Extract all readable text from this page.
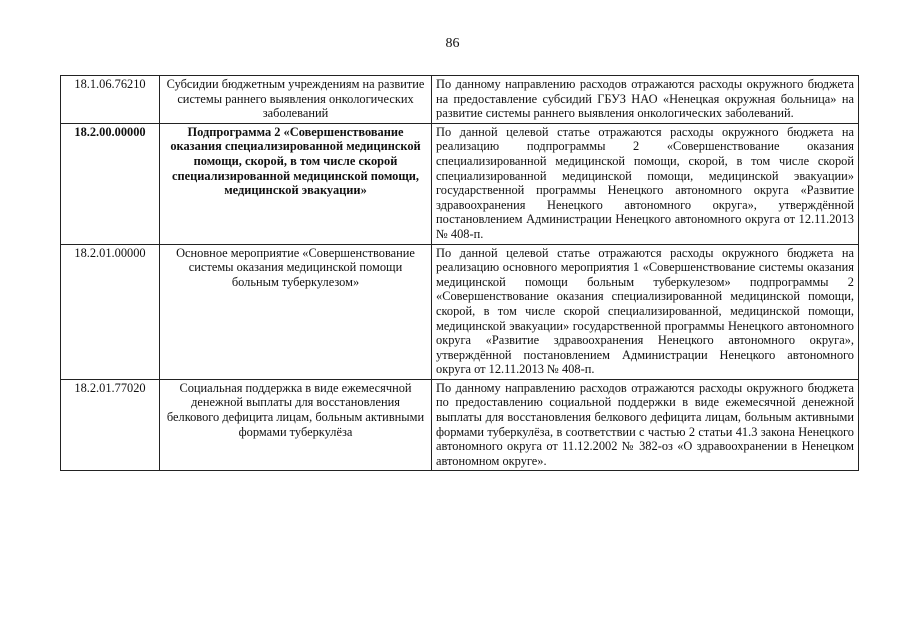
86
18.1.06.76210	Субсидии бюджетным учреждениям на развитие системы раннего выявления онкологических заболеваний	По данному направлению расходов отражаются расходы окружного бюджета на предоставление субсидий ГБУЗ НАО «Ненецкая окружная больница» на развитие системы раннего выявления онкологических заболеваний.
18.2.00.00000	Подпрограмма 2 «Совершенствование оказания специализированной медицинской помощи, скорой, в том числе скорой специализированной медицинской помощи, медицинской эвакуации»	По данной целевой статье отражаются расходы окружного бюджета на реализацию подпрограммы 2 «Совершенствование оказания специализированной медицинской помощи, скорой, в том числе скорой специализированной медицинской помощи, медицинской эвакуации» государственной программы Ненецкого автономного округа «Развитие здравоохранения Ненецкого автономного округа», утверждённой постановлением Администрации Ненецкого автономного округа от 12.11.2013 № 408-п.
18.2.01.00000	Основное мероприятие «Совершенствование системы оказания медицинской помощи больным туберкулезом»	По данной целевой статье отражаются расходы окружного бюджета на реализацию основного мероприятия 1 «Совершенствование системы оказания медицинской помощи больным туберкулезом» подпрограммы 2 «Совершенствование оказания специализированной медицинской помощи, скорой, в том числе скорой специализированной, медицинской помощи, медицинской эвакуации» государственной программы Ненецкого автономного округа «Развитие здравоохранения Ненецкого автономного округа», утверждённой постановлением Администрации Ненецкого автономного округа от 12.11.2013 № 408-п.
18.2.01.77020	Социальная поддержка в виде ежемесячной денежной выплаты для восстановления белкового дефицита лицам, больным активными формами туберкулёза	По данному направлению расходов отражаются расходы окружного бюджета по предоставлению социальной поддержки в виде ежемесячной денежной выплаты для восстановления белкового дефицита лицам, больным активными формами туберкулёза, в соответствии с частью 2 статьи 41.3 закона Ненецкого автономного округа от 11.12.2002 № 382-оз «О здравоохранении в Ненецком автономном округе».
